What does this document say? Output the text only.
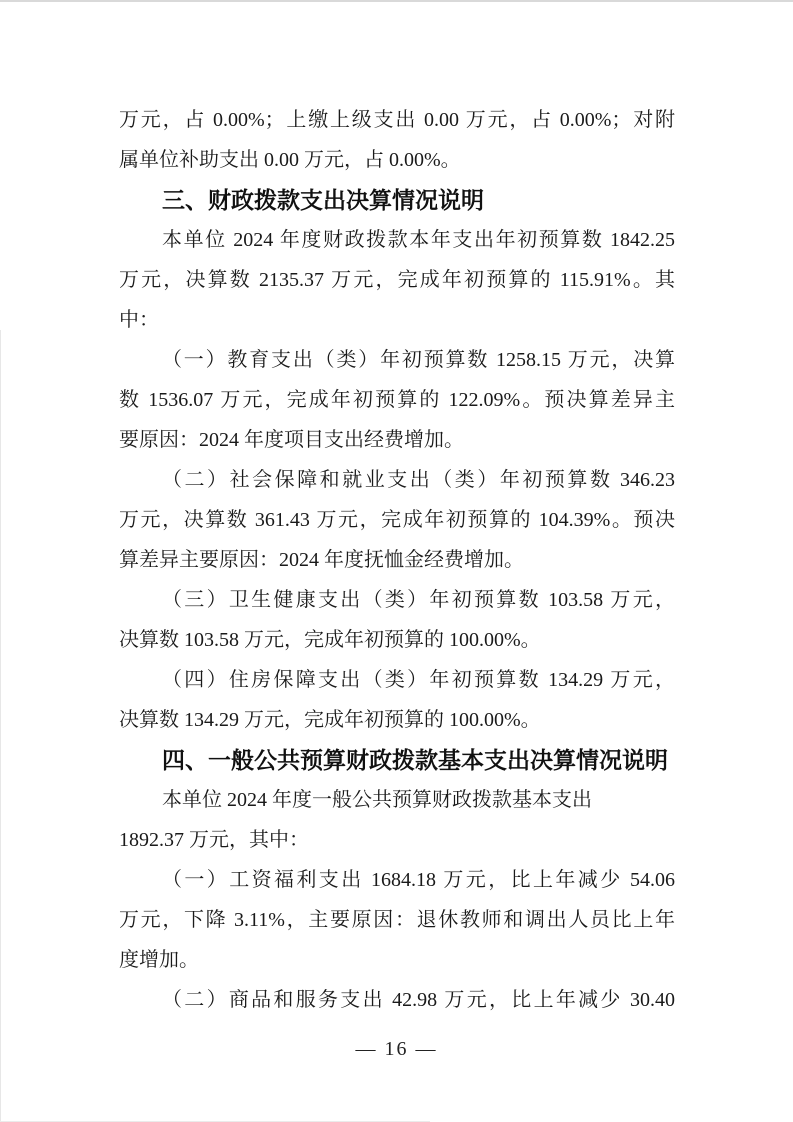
万元，占 0.00%；上缴上级支出 0.00 万元，占 0.00%；对附
属单位补助支出 0.00 万元，占 0.00%。
三、财政拨款支出决算情况说明
本单位 2024 年度财政拨款本年支出年初预算数 1842.25
万元，决算数 2135.37 万元，完成年初预算的 115.91%。其
中：
（一）教育支出（类）年初预算数 1258.15 万元，决算
数 1536.07 万元，完成年初预算的 122.09%。预决算差异主
要原因：2024 年度项目支出经费增加。
（二）社会保障和就业支出（类）年初预算数 346.23
万元，决算数 361.43 万元，完成年初预算的 104.39%。预决
算差异主要原因：2024 年度抚恤金经费增加。
（三）卫生健康支出（类）年初预算数 103.58 万元，
决算数 103.58 万元，完成年初预算的 100.00%。
（四）住房保障支出（类）年初预算数 134.29 万元，
决算数 134.29 万元，完成年初预算的 100.00%。
四、一般公共预算财政拨款基本支出决算情况说明
本单位 2024 年度一般公共预算财政拨款基本支出
1892.37 万元，其中：
（一）工资福利支出 1684.18 万元，比上年减少 54.06
万元，下降 3.11%，主要原因：退休教师和调出人员比上年
度增加。
（二）商品和服务支出 42.98 万元，比上年减少 30.40
— 16 —
